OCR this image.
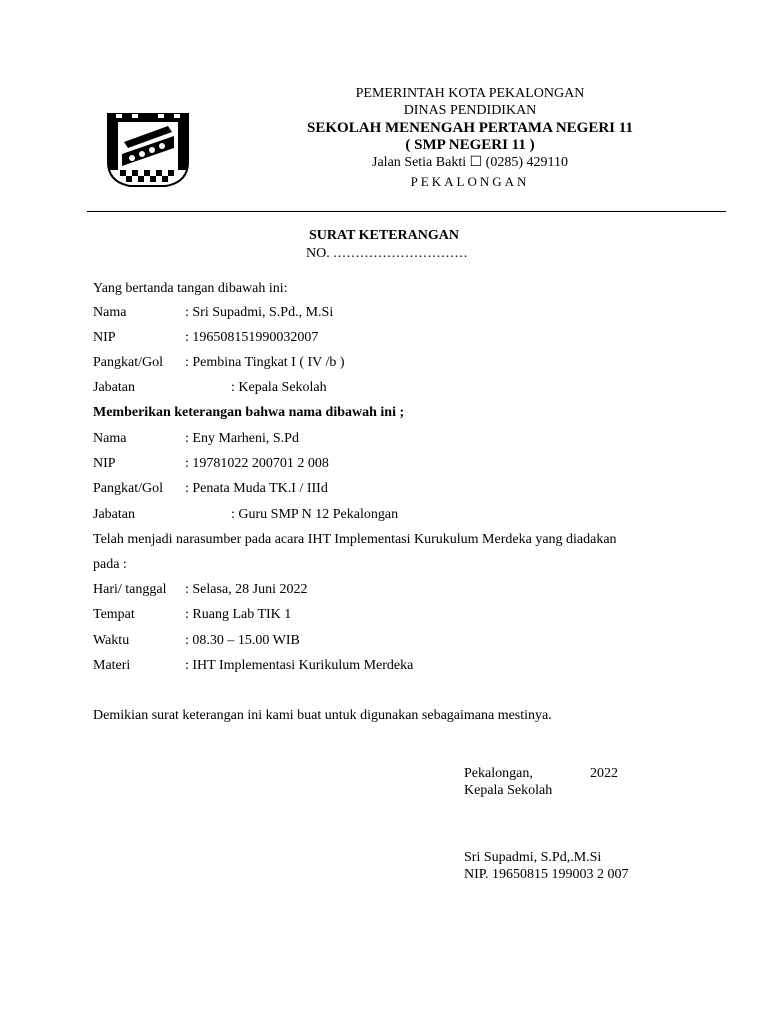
PEMERINTAH KOTA PEKALONGAN
DINAS PENDIDIKAN
SEKOLAH MENENGAH PERTAMA NEGERI 11
( SMP NEGERI 11 )
Jalan Setia Bakti ☐ (0285) 429110
PEKALONGAN
SURAT KETERANGAN
NO. ..............................
Yang bertanda tangan dibawah ini:
Nama	: Sri Supadmi, S.Pd., M.Si
NIP	: 196508151990032007
Pangkat/Gol : Pembina Tingkat I ( IV /b )
Jabatan	: Kepala Sekolah
Memberikan keterangan bahwa nama dibawah ini ;
Nama	: Eny Marheni, S.Pd
NIP	: 19781022 200701 2 008
Pangkat/Gol : Penata Muda TK.I / IIId
Jabatan	: Guru SMP N 12 Pekalongan
Telah menjadi narasumber pada acara IHT Implementasi Kurukulum Merdeka yang diadakan
pada :
Hari/ tanggal : Selasa, 28 Juni 2022
Tempat	: Ruang Lab TIK 1
Waktu	: 08.30 – 15.00 WIB
Materi	: IHT Implementasi Kurikulum Merdeka
Demikian surat keterangan ini kami buat untuk digunakan sebagaimana mestinya.
Pekalongan,	2022
Kepala Sekolah
Sri Supadmi, S.Pd,.M.Si
NIP. 19650815 199003 2 007
